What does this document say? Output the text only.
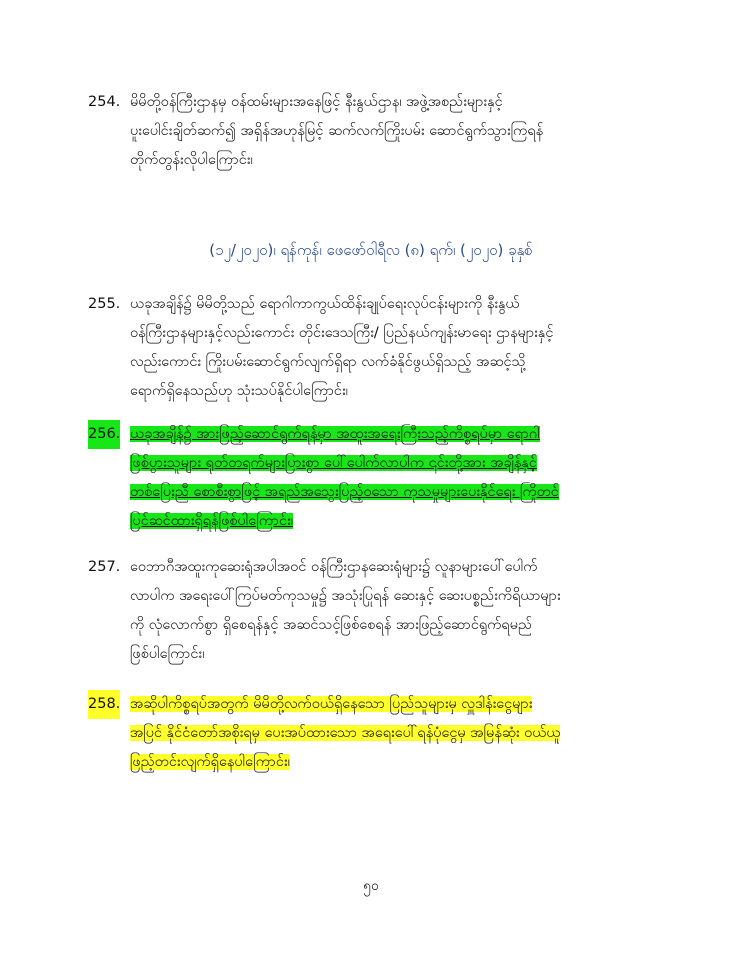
254. မိမိတို့ဝန်ကြီးဌာနမှ ဝန်ထမ်းများအနေဖြင့် နီးနွယ်ဌာန၊ အဖွဲ့အစည်းများနှင့်
ပူးပေါင်းချိတ်ဆက်၍ အရှိန်အဟုန်မြင့် ဆက်လက်ကြိုးပမ်း ဆောင်ရွက်သွားကြရန်
တိုက်တွန်းလိုပါကြောင်း၊
(၁၂/၂၀၂၀)၊ ရန်ကုန်၊ ဖေဖော်ဝါရီလ (၈) ရက်၊ (၂၀၂၀) ခုနှစ်
255. ယခုအချိန်၌ မိမိတို့သည် ရောဂါကာကွယ်ထိန်းချုပ်ရေးလုပ်ငန်းများကို နီးနွယ်
ဝန်ကြီးဌာနများနှင့်လည်းကောင်း တိုင်းဒေသကြီး/ ပြည်နယ်ကျန်းမာရေး ဌာနများနှင့်
လည်းကောင်း ကြိုးပမ်းဆောင်ရွက်လျက်ရှိရာ လက်ခံနိုင်ဖွယ်ရှိသည့် အဆင့်သို့
ရောက်ရှိနေသည်ဟု သုံးသပ်နိုင်ပါကြောင်း၊
256. ယခုအချိန်၌ အားဖြည့်ဆောင်ရွက်ရန်မှာ အထူးအရေးကြီးသည့်ကိစ္စရပ်မှာ ရောဂါ
ဖြစ်ပွားသူများ ရုတ်တရက်များပြားစွာ ပေါ်ပေါက်လာပါက ၎င်းတို့အား အချိန်နှင့်
တစ်ပြေးညီ စောစီးစွာဖြင့် အရည်အသွေးပြည့်ဝသော ကုသမှုများပေးနိုင်ရေး ကြိုတင်
ပြင်ဆင်ထားရှိရန်ဖြစ်ပါကြောင်း၊
257. ဝေဘာဂီအထူးကုဆေးရုံအပါအဝင် ဝန်ကြီးဌာနဆေးရုံများ၌ လူနာများပေါ်ပေါက်
လာပါက အရေးပေါ်ကြပ်မတ်ကုသမှု၌ အသုံးပြုရန် ဆေးနှင့် ဆေးပစ္စည်းကိရိယာများ
ကို လုံလောက်စွာ ရှိစေရန်နှင့် အဆင်သင့်ဖြစ်စေရန် အားဖြည့်ဆောင်ရွက်ရမည်
ဖြစ်ပါကြောင်း၊
258. အဆိုပါကိစ္စရပ်အတွက် မိမိတို့လက်ဝယ်ရှိနေသော ပြည်သူများမှ လှူဒါန်းငွေများ
အပြင် နိုင်ငံတော်အစိုးရမှ ပေးအပ်ထားသော အရေးပေါ်ရန်ပုံငွေမှ အမြန်ဆုံး ဝယ်ယူ
ဖြည့်တင်းလျက်ရှိနေပါကြောင်း၊
၅၀
